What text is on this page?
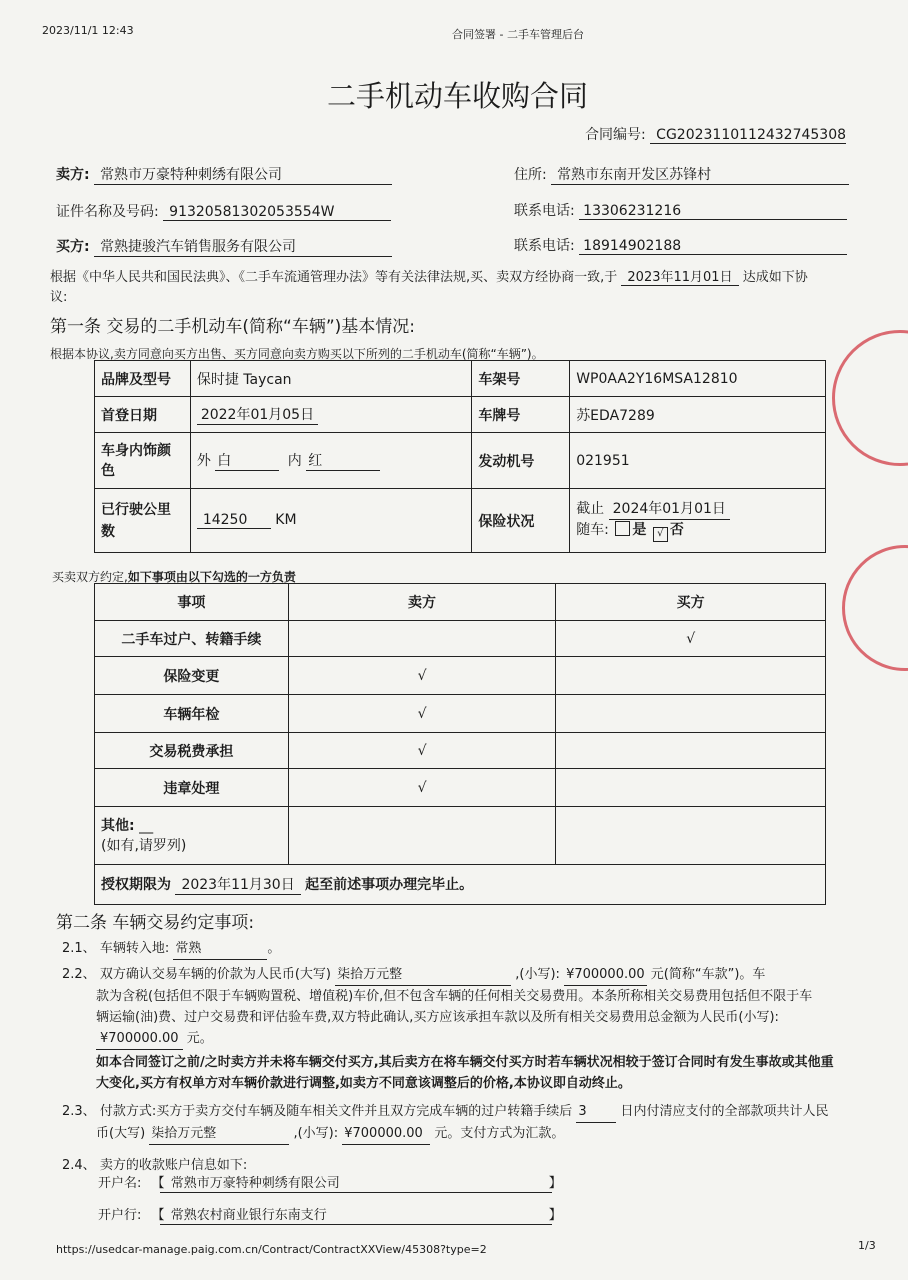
2023/11/1 12:43	合同签署 - 二手车管理后台
二手机动车收购合同
合同编号: CG2023110112432745308
卖方: 常熟市万豪特种刺绣有限公司	住所: 常熟市东南开发区苏锋村
证件名称及号码: 91320581302053554W	联系电话: 13306231216
买方: 常熟捷骏汽车销售服务有限公司	联系电话: 18914902188
根据《中华人民共和国民法典》、《二手车流通管理办法》等有关法律法规,买、卖双方经协商一致,于 2023年11月01日 达成如下协
议:
第一条 交易的二手机动车(简称“车辆”)基本情况:
根据本协议,卖方同意向买方出售、买方同意向卖方购买以下所列的二手机动车(简称“车辆”)。
品牌及型号	保时捷 Taycan	车架号	WP0AA2Y16MSA12810
首登日期	2022年01月05日	车牌号	苏EDA7289
车身内饰颜色	外 白 内 红	发动机号	021951
已行驶公里数	14250 KM	保险状况	截止 2024年01月01日
随车: 是 √ 否
买卖双方约定,如下事项由以下勾选的一方负责
事项	卖方	买方
二手车过户、转籍手续		√
保险变更	√	
车辆年检	√	
交易税费承担	√	
违章处理	√	

其他: __
(如有,请罗列)		

授权期限为 2023年11月30日 起至前述事项办理完毕止。		
第二条 车辆交易约定事项:
2.1、 车辆转入地: 常熟	。
2.2、 双方确认交易车辆的价款为人民币(大写) 柒拾万元整	,(小写): ¥700000.00 元(简称“车款”)。车
款为含税(包括但不限于车辆购置税、增值税)车价,但不包含车辆的任何相关交易费用。本条所称相关交易费用包括但不限于车
辆运输(油)费、过户交易费和评估验车费,双方特此确认,买方应该承担车款以及所有相关交易费用总金额为人民币(小写):
¥700000.00 元。
如本合同签订之前/之时卖方并未将车辆交付买方,其后卖方在将车辆交付买方时若车辆状况相较于签订合同时有发生事故或其他重
大变化,买方有权单方对车辆价款进行调整,如卖方不同意该调整后的价格,本协议即自动终止。
2.3、 付款方式:买方于卖方交付车辆及随车相关文件并且双方完成车辆的过户转籍手续后 3	日内付清应支付的全部款项共计人民
币(大写) 柒拾万元整	,(小写): ¥700000.00 元。支付方式为汇款。
2.4、 卖方的收款账户信息如下:
开户名: 【 常熟市万豪特种刺绣有限公司	】
开户行: 【 常熟农村商业银行东南支行	】
https://usedcar-manage.paig.com.cn/Contract/ContractXXView/45308?type=2	1/3
